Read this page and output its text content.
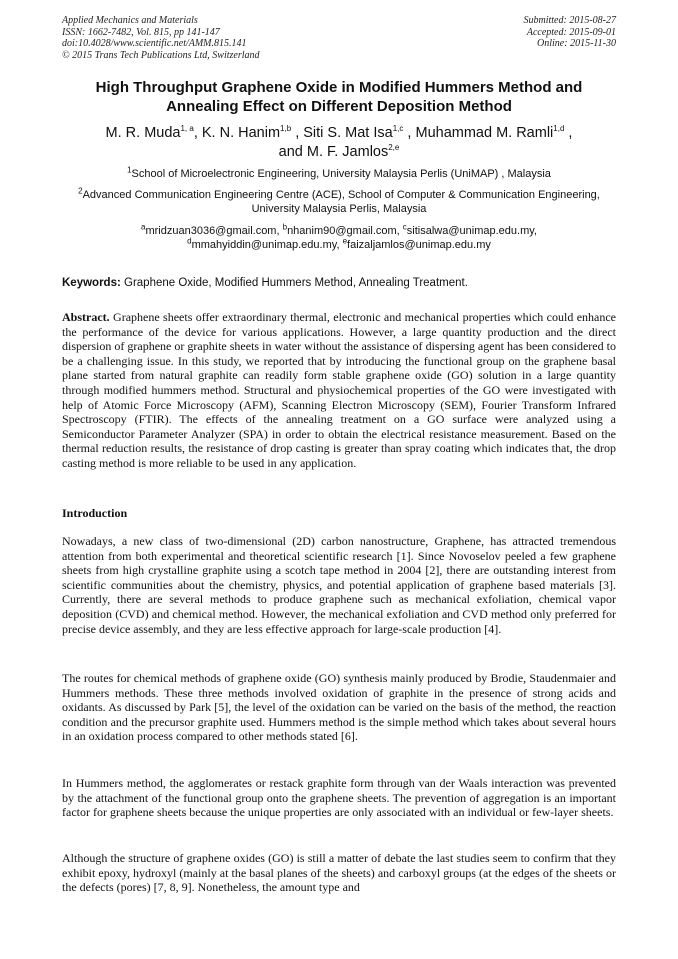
Applied Mechanics and Materials
ISSN: 1662-7482, Vol. 815, pp 141-147
doi:10.4028/www.scientific.net/AMM.815.141
© 2015 Trans Tech Publications Ltd, Switzerland
Submitted: 2015-08-27
Accepted: 2015-09-01
Online: 2015-11-30
High Throughput Graphene Oxide in Modified Hummers Method and Annealing Effect on Different Deposition Method
M. R. Muda$^{1, a}$, K. N. Hanim$^{1,b}$ , Siti S. Mat Isa$^{1,c}$ , Muhammad M. Ramli$^{1,d}$ ,
and M. F. Jamlos$^{2,e}$
$^1$School of Microelectronic Engineering, University Malaysia Perlis (UniMAP) , Malaysia
$^2$Advanced Communication Engineering Centre (ACE), School of Computer & Communication Engineering, University Malaysia Perlis, Malaysia
$^a$mridzuan3036@gmail.com, $^b$nhanim90@gmail.com, $^c$sitisalwa@unimap.edu.my,
$^d$mmahyiddin@unimap.edu.my, $^e$faizaljamlos@unimap.edu.my
Keywords: Graphene Oxide, Modified Hummers Method, Annealing Treatment.
Abstract. Graphene sheets offer extraordinary thermal, electronic and mechanical properties which could enhance the performance of the device for various applications. However, a large quantity production and the direct dispersion of graphene or graphite sheets in water without the assistance of dispersing agent has been considered to be a challenging issue. In this study, we reported that by introducing the functional group on the graphene basal plane started from natural graphite can readily form stable graphene oxide (GO) solution in a large quantity through modified hummers method. Structural and physiochemical properties of the GO were investigated with help of Atomic Force Microscopy (AFM), Scanning Electron Microscopy (SEM), Fourier Transform Infrared Spectroscopy (FTIR). The effects of the annealing treatment on a GO surface were analyzed using a Semiconductor Parameter Analyzer (SPA) in order to obtain the electrical resistance measurement. Based on the thermal reduction results, the resistance of drop casting is greater than spray coating which indicates that, the drop casting method is more reliable to be used in any application.
Introduction
Nowadays, a new class of two-dimensional (2D) carbon nanostructure, Graphene, has attracted tremendous attention from both experimental and theoretical scientific research [1]. Since Novoselov peeled a few graphene sheets from high crystalline graphite using a scotch tape method in 2004 [2], there are outstanding interest from scientific communities about the chemistry, physics, and potential application of graphene based materials [3]. Currently, there are several methods to produce graphene such as mechanical exfoliation, chemical vapor deposition (CVD) and chemical method. However, the mechanical exfoliation and CVD method only preferred for precise device assembly, and they are less effective approach for large-scale production [4].
The routes for chemical methods of graphene oxide (GO) synthesis mainly produced by Brodie, Staudenmaier and Hummers methods. These three methods involved oxidation of graphite in the presence of strong acids and oxidants. As discussed by Park [5], the level of the oxidation can be varied on the basis of the method, the reaction condition and the precursor graphite used. Hummers method is the simple method which takes about several hours in an oxidation process compared to other methods stated [6].
In Hummers method, the agglomerates or restack graphite form through van der Waals interaction was prevented by the attachment of the functional group onto the graphene sheets. The prevention of aggregation is an important factor for graphene sheets because the unique properties are only associated with an individual or few-layer sheets.
Although the structure of graphene oxides (GO) is still a matter of debate the last studies seem to confirm that they exhibit epoxy, hydroxyl (mainly at the basal planes of the sheets) and carboxyl groups (at the edges of the sheets or the defects (pores) [7, 8, 9]. Nonetheless, the amount type and
